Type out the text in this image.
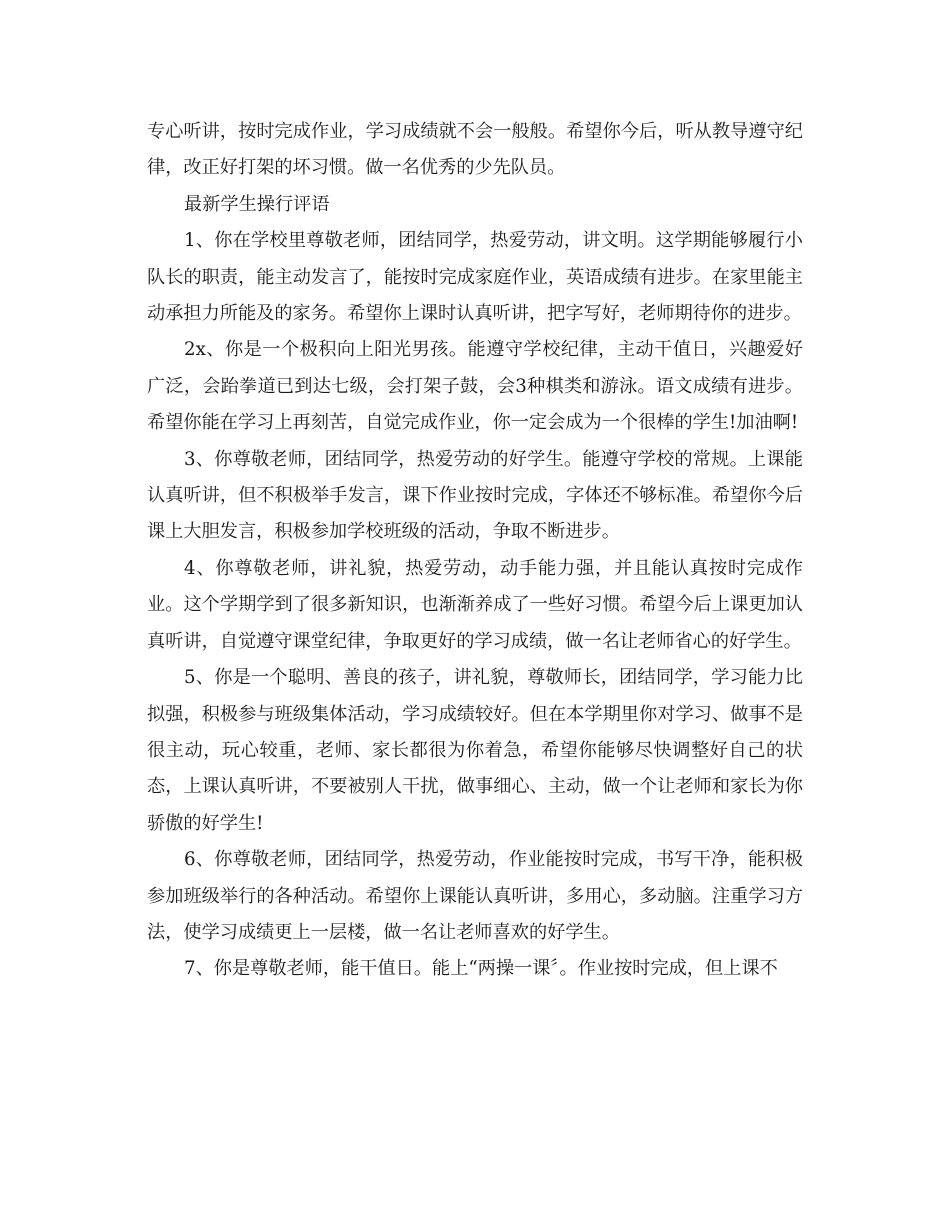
专心听讲，按时完成作业，学习成绩就不会一般般。希望你今后，听从教导遵守纪律，改正好打架的坏习惯。做一名优秀的少先队员。

最新学生操行评语

1、你在学校里尊敬老师，团结同学，热爱劳动，讲文明。这学期能够履行小队长的职责，能主动发言了，能按时完成家庭作业，英语成绩有进步。在家里能主动承担力所能及的家务。希望你上课时认真听讲，把字写好，老师期待你的进步。

2x、你是一个极积向上阳光男孩。能遵守学校纪律，主动干值日，兴趣爱好广泛，会跆拳道已到达七级，会打架子鼓，会3种棋类和游泳。语文成绩有进步。希望你能在学习上再刻苦，自觉完成作业，你一定会成为一个很棒的学生!加油啊!

3、你尊敬老师，团结同学，热爱劳动的好学生。能遵守学校的常规。上课能认真听讲，但不积极举手发言，课下作业按时完成，字体还不够标准。希望你今后课上大胆发言，积极参加学校班级的活动，争取不断进步。

4、你尊敬老师，讲礼貌，热爱劳动，动手能力强，并且能认真按时完成作业。这个学期学到了很多新知识，也渐渐养成了一些好习惯。希望今后上课更加认真听讲，自觉遵守课堂纪律，争取更好的学习成绩，做一名让老师省心的好学生。

5、你是一个聪明、善良的孩子，讲礼貌，尊敬师长，团结同学，学习能力比拟强，积极参与班级集体活动，学习成绩较好。但在本学期里你对学习、做事不是很主动，玩心较重，老师、家长都很为你着急，希望你能够尽快调整好自己的状态，上课认真听讲，不要被别人干扰，做事细心、主动，做一个让老师和家长为你骄傲的好学生!

6、你尊敬老师，团结同学，热爱劳动，作业能按时完成，书写干净，能积极参加班级举行的各种活动。希望你上课能认真听讲，多用心，多动脑。注重学习方法，使学习成绩更上一层楼，做一名让老师喜欢的好学生。

7、你是尊敬老师，能干值日。能上“两操一课〞。作业按时完成，但上课不
